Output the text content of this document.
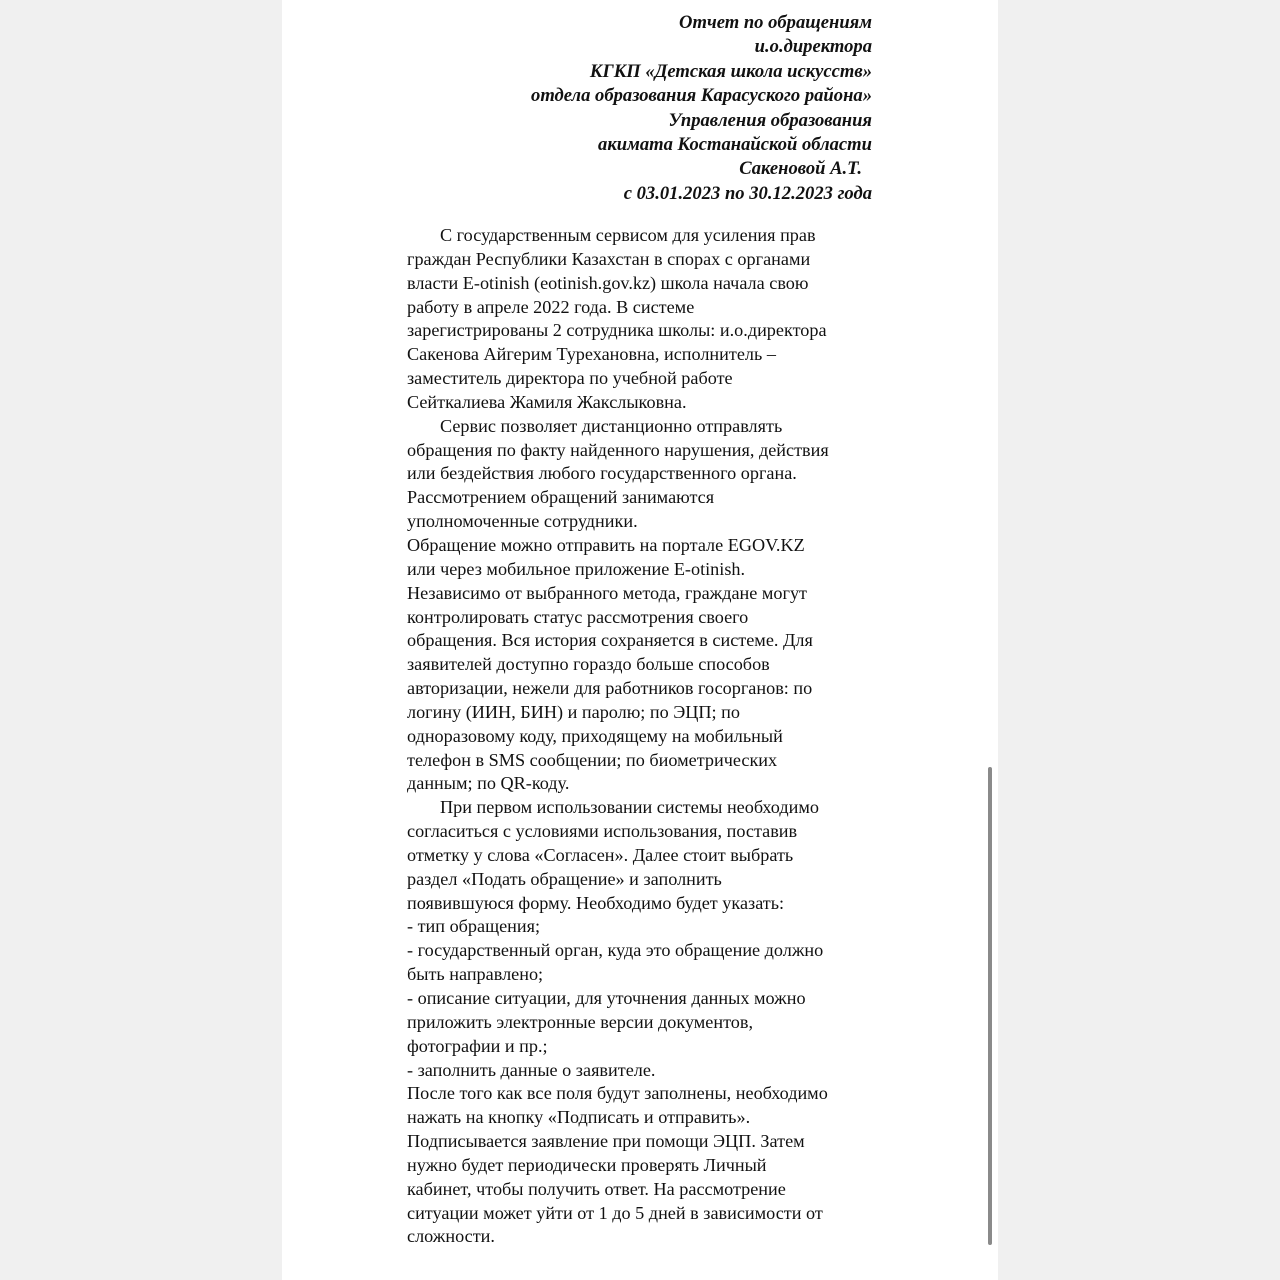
Отчет по обращениям
и.о.директора
КГКП «Детская школа искусств»
отдела образования Карасуского района»
Управления образования
акимата Костанайской области
Сакеновой А.Т.
с 03.01.2023 по 30.12.2023 года
С государственным сервисом для усиления прав
граждан Республики Казахстан в спорах с органами
власти E-otinish (eotinish.gov.kz) школа начала свою
работу в апреле 2022 года. В системе
зарегистрированы 2 сотрудника школы: и.о.директора
Сакенова Айгерим Турехановна, исполнитель –
заместитель директора по учебной работе
Сейткалиева Жамиля Жакслыковна.
Сервис позволяет дистанционно отправлять
обращения по факту найденного нарушения, действия
или бездействия любого государственного органа.
Рассмотрением обращений занимаются
уполномоченные сотрудники.
Обращение можно отправить на портале EGOV.KZ
или через мобильное приложение E-otinish.
Независимо от выбранного метода, граждане могут
контролировать статус рассмотрения своего
обращения. Вся история сохраняется в системе. Для
заявителей доступно гораздо больше способов
авторизации, нежели для работников госорганов: по
логину (ИИН, БИН) и паролю; по ЭЦП; по
одноразовому коду, приходящему на мобильный
телефон в SMS сообщении; по биометрических
данным; по QR-коду.
При первом использовании системы необходимо
согласиться с условиями использования, поставив
отметку у слова «Согласен». Далее стоит выбрать
раздел «Подать обращение» и заполнить
появившуюся форму. Необходимо будет указать:
- тип обращения;
- государственный орган, куда это обращение должно
быть направлено;
- описание ситуации, для уточнения данных можно
приложить электронные версии документов,
фотографии и пр.;
- заполнить данные о заявителе.
После того как все поля будут заполнены, необходимо
нажать на кнопку «Подписать и отправить».
Подписывается заявление при помощи ЭЦП. Затем
нужно будет периодически проверять Личный
кабинет, чтобы получить ответ. На рассмотрение
ситуации может уйти от 1 до 5 дней в зависимости от
сложности.
